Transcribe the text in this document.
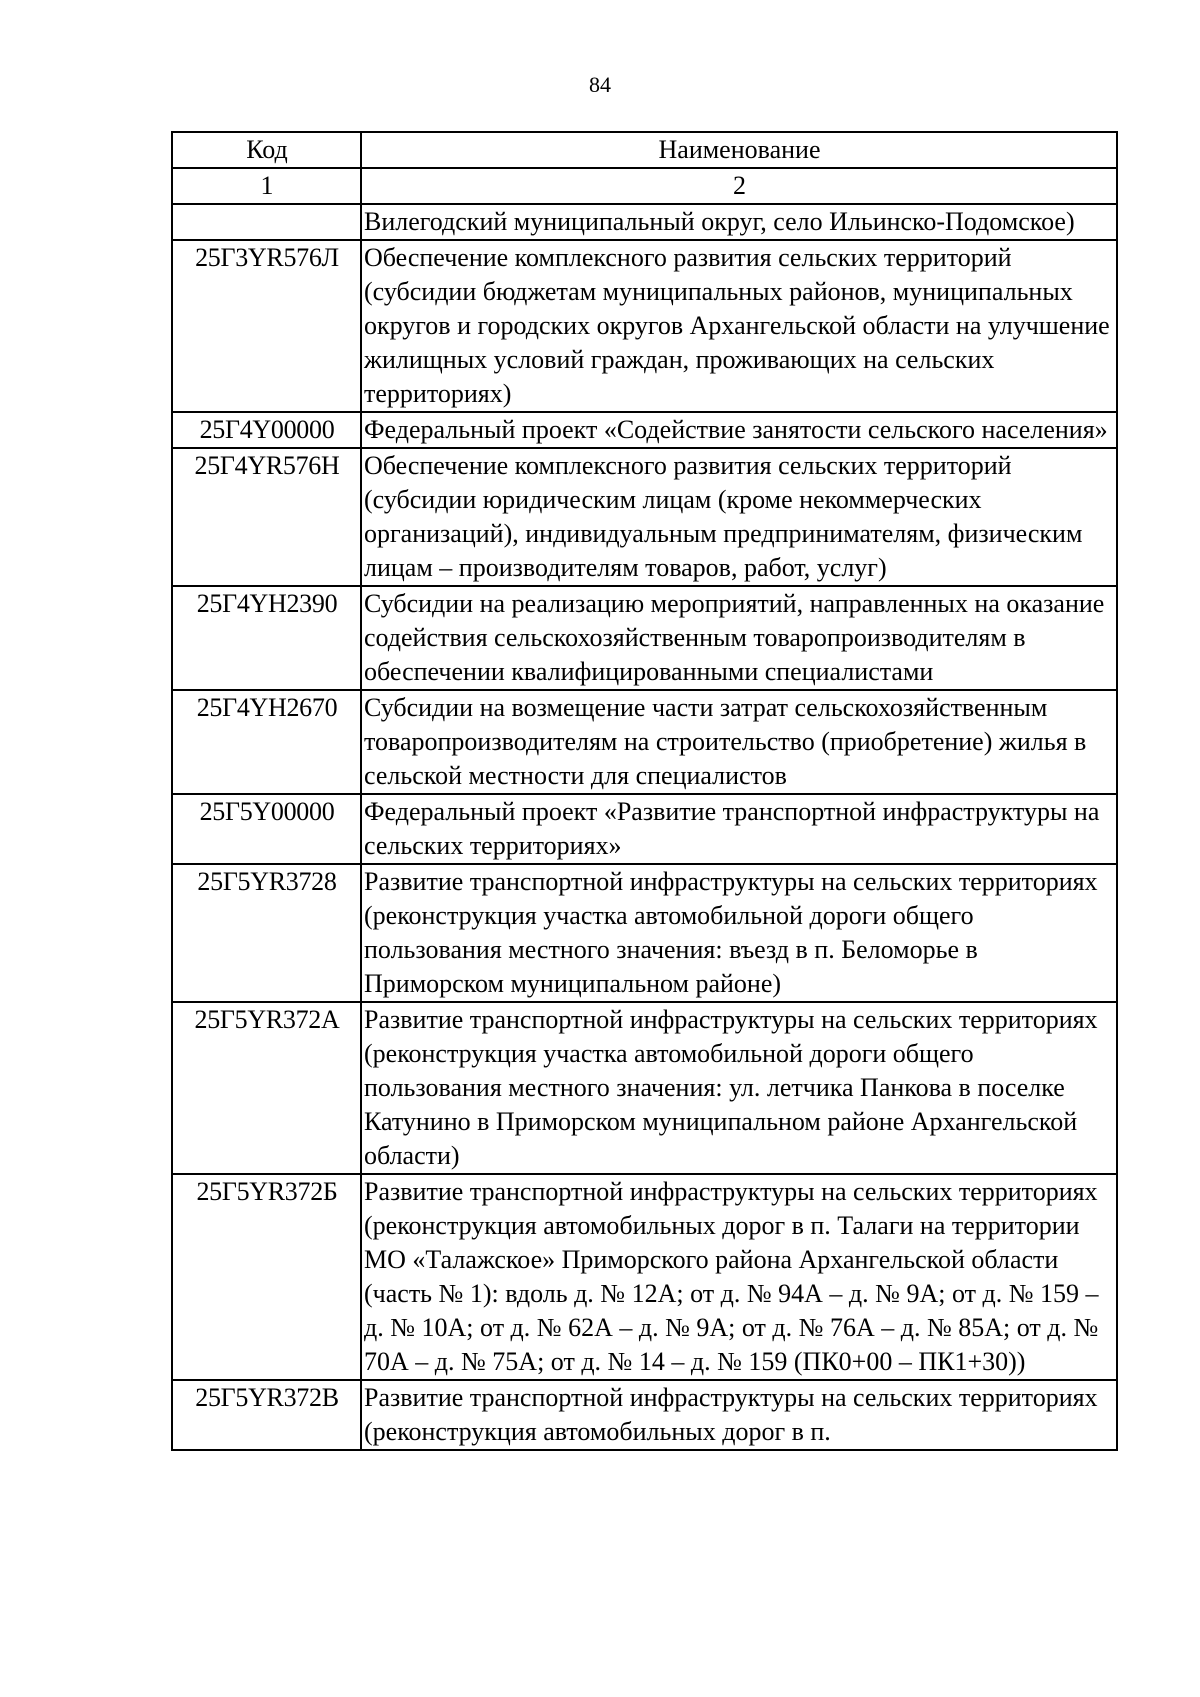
84
Код	Наименование
1	2
	Вилегодский муниципальный округ, село Ильинско-Подомское)
25Г3YR576Л	Обеспечение комплексного развития сельских территорий (субсидии бюджетам муниципальных районов, муниципальных округов и городских округов Архангельской области на улучшение жилищных условий граждан, проживающих на сельских территориях)
25Г4Y00000	Федеральный проект «Содействие занятости сельского населения»
25Г4YR576Н	Обеспечение комплексного развития сельских территорий (субсидии юридическим лицам (кроме некоммерческих организаций), индивидуальным предпринимателям, физическим лицам – производителям товаров, работ, услуг)
25Г4YН2390	Субсидии на реализацию мероприятий, направленных на оказание содействия сельскохозяйственным товаропроизводителям в обеспечении квалифицированными специалистами
25Г4YН2670	Субсидии на возмещение части затрат сельскохозяйственным товаропроизводителям на строительство (приобретение) жилья в сельской местности для специалистов
25Г5Y00000	Федеральный проект «Развитие транспортной инфраструктуры на сельских территориях»
25Г5YR3728	Развитие транспортной инфраструктуры на сельских территориях (реконструкция участка автомобильной дороги общего пользования местного значения: въезд в п. Беломорье в Приморском муниципальном районе)
25Г5YR372А	Развитие транспортной инфраструктуры на сельских территориях (реконструкция участка автомобильной дороги общего пользования местного значения: ул. летчика Панкова в поселке Катунино в Приморском муниципальном районе Архангельской области)
25Г5YR372Б	Развитие транспортной инфраструктуры на сельских территориях (реконструкция автомобильных дорог в п. Талаги на территории МО «Талажское» Приморского района Архангельской области (часть № 1): вдоль д. № 12А; от д. № 94А – д. № 9А; от д. № 159 – д. № 10А; от д. № 62А – д. № 9А; от д. № 76А – д. № 85А; от д. № 70А – д. № 75А; от д. № 14 – д. № 159 (ПК0+00 – ПК1+30))
25Г5YR372В	Развитие транспортной инфраструктуры на сельских территориях (реконструкция автомобильных дорог в п.
